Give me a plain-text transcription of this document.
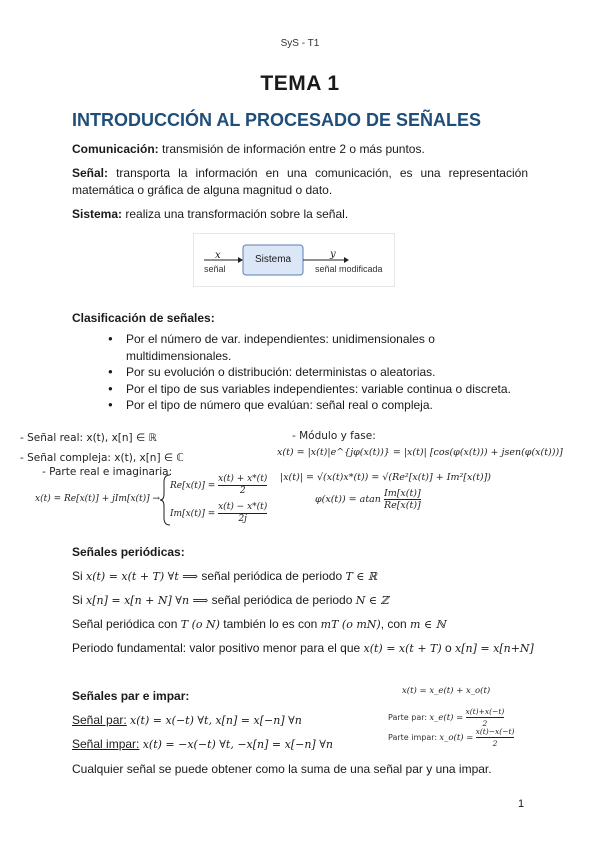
SyS - T1
TEMA 1
INTRODUCCIÓN AL PROCESADO DE SEÑALES
Comunicación: transmisión de información entre 2 o más puntos.
Señal: transporta la información en una comunicación, es una representación matemática o gráfica de alguna magnitud o dato.
Sistema: realiza una transformación sobre la señal.
x
señal
Sistema	y
señal modificada
Clasificación de señales:
● Por el número de var. independientes: unidimensionales o multidimensionales.
● Por su evolución o distribución: deterministas o aleatorias.
● Por el tipo de sus variables independientes: variable continua o discreta.
● Por el tipo de número que evalúan: señal real o compleja.
- Señal real: x(t), x[n] ∈ ℝ
- Señal compleja: x(t), x[n] ∈ ℂ
- Parte real e imaginaria:
x(t) = Re[x(t)] + jIm[x(t)] →
Re[x(t)] =
$\frac{x(t) + x*(t)}{2}$
Im[x(t)] =
$\frac{x(t) - x*(t)}{2j}$
- Módulo y fase:
x(t) = |x(t)|e^{jφ(x(t))} = |x(t)| [cos(φ(x(t))) + jsen(φ(x(t)))]
|x(t)| = √(x(t)x*(t)) = √(Re²[x(t)] + Im²[x(t)])
φ(x(t)) = atan
$\frac{Im[x(t)]}{Re[x(t)]}$
Señales periódicas:
Si x(t) = x(t + T) ∀t ⟹ señal periódica de periodo T ∈ ℝ
Si x[n] = x[n + N] ∀n ⟹ señal periódica de periodo N ∈ ℤ
Señal periódica con T (o N) también lo es con mT (o mN), con m ∈ ℕ
Periodo fundamental: valor positivo menor para el que x(t) = x(t + T) o x[n] = x[n+N]
Señales par e impar:
Señal par: x(t) = x(−t) ∀t, x[n] = x[−n] ∀n
Señal impar: x(t) = −x(−t) ∀t, −x[n] = x[−n] ∀n
Cualquier señal se puede obtener como la suma de una señal par y una impar.
x(t) = x_e(t) + x_o(t)
Parte par:
x_e(t) =
$\frac{x(t)+x(-t)}{2}$
Parte impar:
x_o(t) =
$\frac{x(t)-x(-t)}{2}$
1
